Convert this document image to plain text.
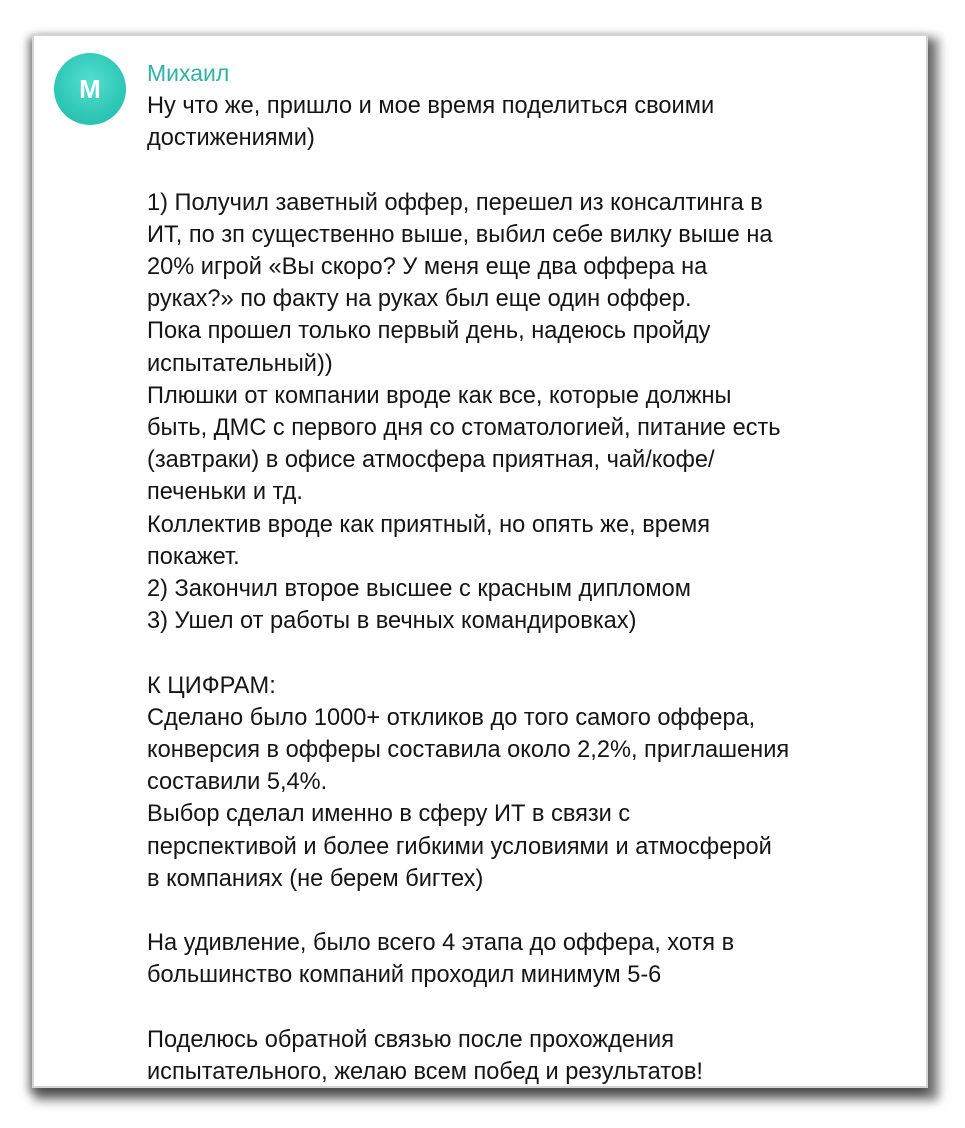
М
Михаил
Ну что же, пришло и мое время поделиться своими
достижениями)
1) Получил заветный оффер, перешел из консалтинга в
ИТ, по зп существенно выше, выбил себе вилку выше на
20% игрой «Вы скоро? У меня еще два оффера на
руках?» по факту на руках был еще один оффер.
Пока прошел только первый день, надеюсь пройду
испытательный))
Плюшки от компании вроде как все, которые должны
быть, ДМС с первого дня со стоматологией, питание есть
(завтраки) в офисе атмосфера приятная, чай/кофе/
печеньки и тд.
Коллектив вроде как приятный, но опять же, время
покажет.
2) Закончил второе высшее с красным дипломом
3) Ушел от работы в вечных командировках)
К ЦИФРАМ:
Сделано было 1000+ откликов до того самого оффера,
конверсия в офферы составила около 2,2%, приглашения
составили 5,4%.
Выбор сделал именно в сферу ИТ в связи с
перспективой и более гибкими условиями и атмосферой
в компаниях (не берем бигтех)
На удивление, было всего 4 этапа до оффера, хотя в
большинство компаний проходил минимум 5-6
Поделюсь обратной связью после прохождения
испытательного, желаю всем побед и результатов!
